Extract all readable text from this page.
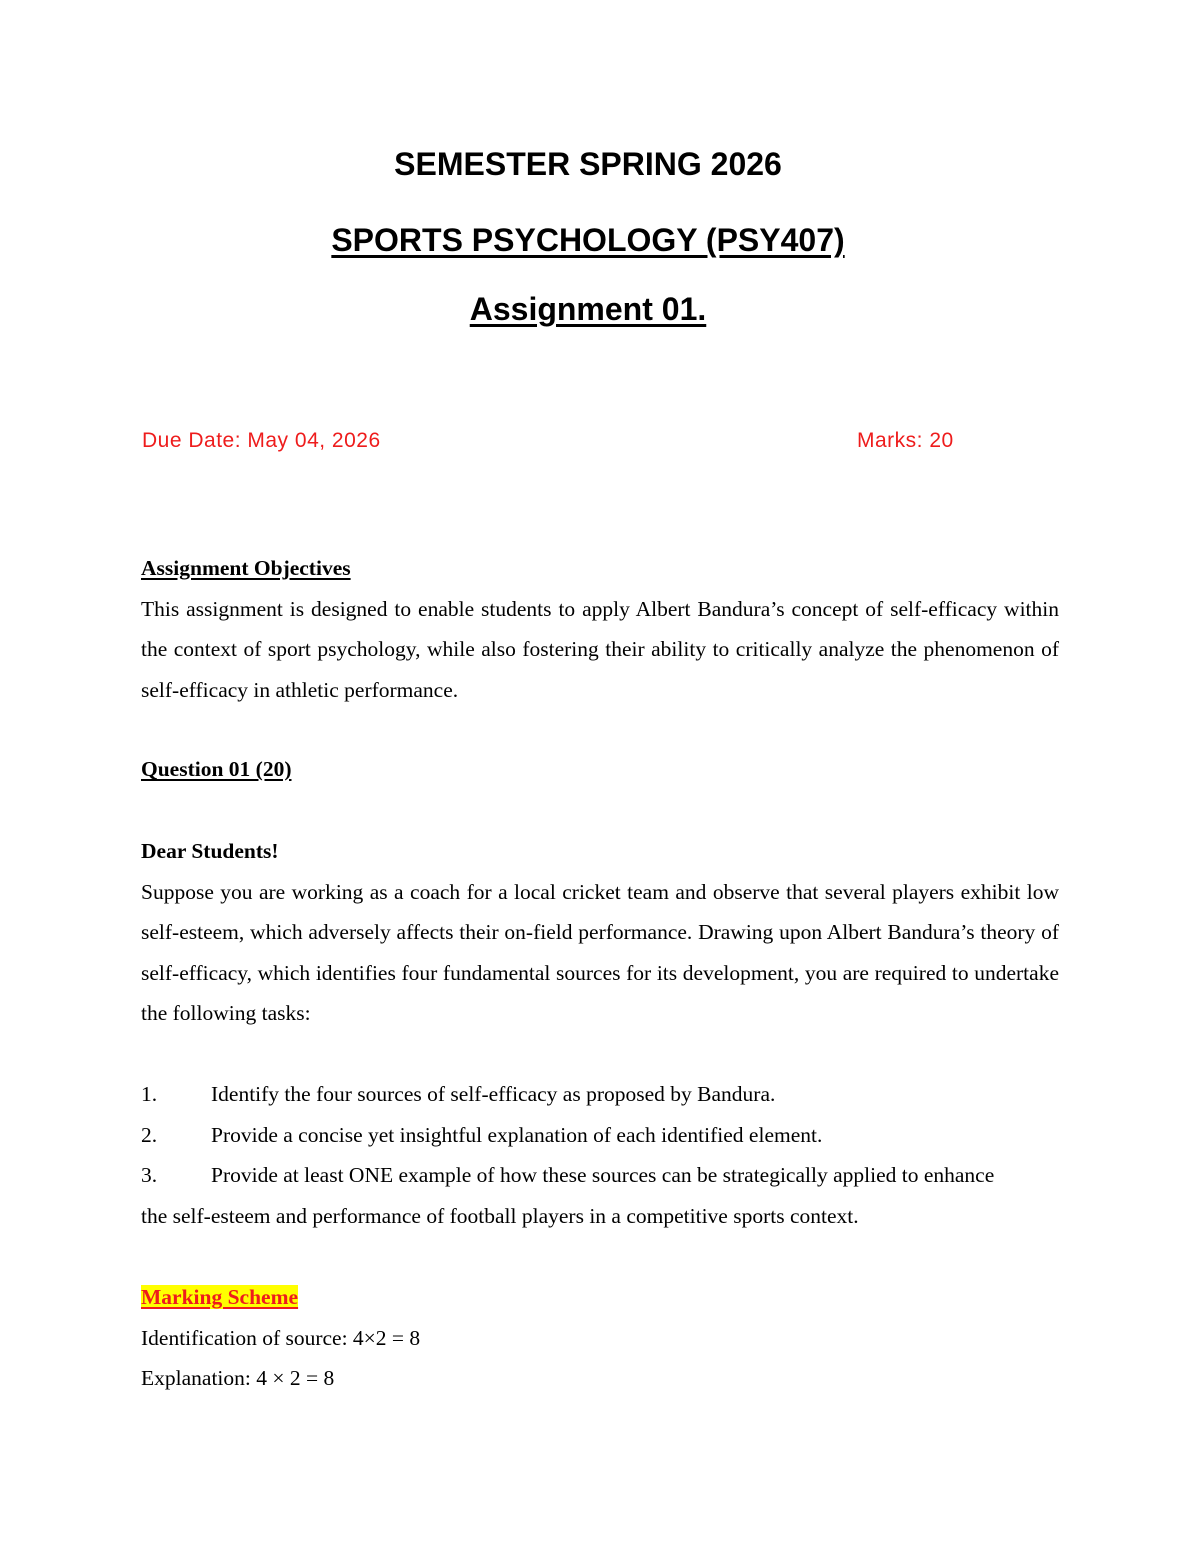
SEMESTER SPRING 2026
SPORTS PSYCHOLOGY (PSY407)
Assignment 01.
Due Date: May 04, 2026	Marks: 20
Assignment Objectives
This assignment is designed to enable students to apply Albert Bandura’s concept of self-efficacy within the context of sport psychology, while also fostering their ability to critically analyze the phenomenon of self-efficacy in athletic performance.
Question 01 (20)
Dear Students!
Suppose you are working as a coach for a local cricket team and observe that several players exhibit low self-esteem, which adversely affects their on-field performance. Drawing upon Albert Bandura’s theory of self-efficacy, which identifies four fundamental sources for its development, you are required to undertake the following tasks:
1.	Identify the four sources of self-efficacy as proposed by Bandura.
2.	Provide a concise yet insightful explanation of each identified element.
3.	Provide at least ONE example of how these sources can be strategically applied to enhance
the self-esteem and performance of football players in a competitive sports context.
Marking Scheme
Identification of source: 4×2 = 8
Explanation: 4 × 2 = 8
